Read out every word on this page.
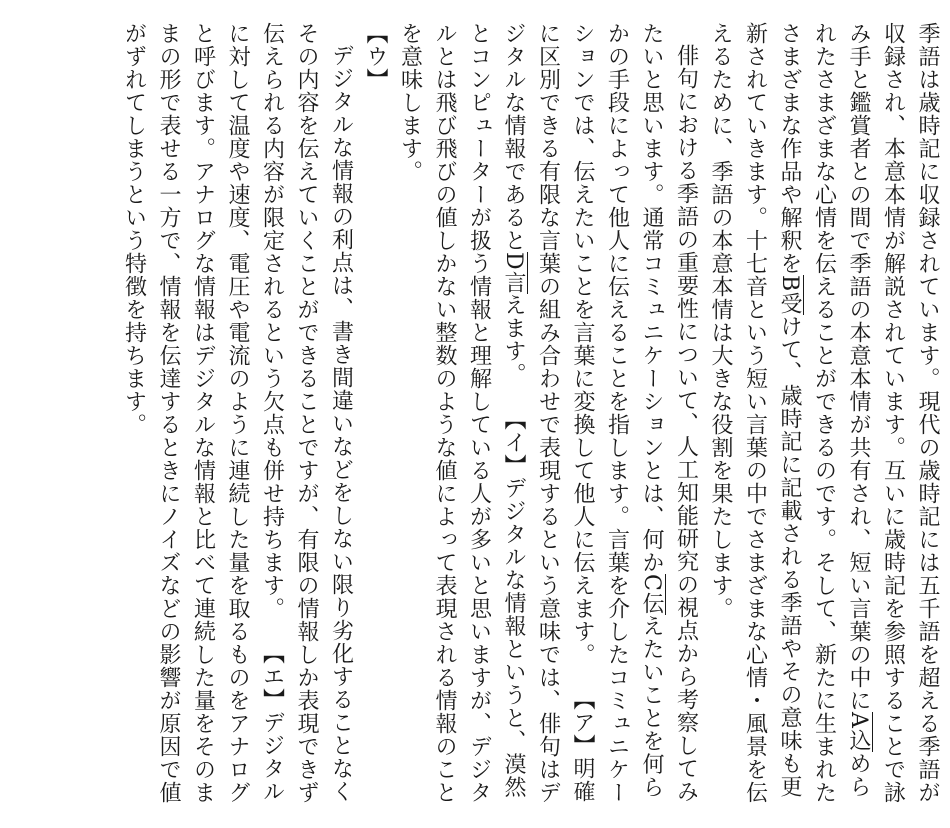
季語は歳時記に収録されています。現代の歳時記には五千語を超える季語が収録され、本意本情が解説されています。互いに歳時記を参照することで詠み手と鑑賞者との間で季語の本意本情が共有され、短い言葉の中にA込められたさまざまな心情を伝えることができるのです。そして、新たに生まれたさまざまな作品や解釈をB受けて、歳時記に記載される季語やその意味も更新されていきます。十七音という短い言葉の中でさまざまな心情・風景を伝えるために、季語の本意本情は大きな役割を果たします。

俳句における季語の重要性について、人工知能研究の視点から考察してみたいと思います。通常コミュニケーションとは、何かC伝えたいことを何らかの手段によって他人に伝えることを指します。言葉を介したコミュニケーションでは、伝えたいことを言葉に変換して他人に伝えます。【ア】明確に区別できる有限な言葉の組み合わせで表現するという意味では、俳句はデジタルな情報であるとD言えます。【イ】デジタルな情報というと、漠然とコンピューターが扱う情報と理解している人が多いと思いますが、デジタルとは飛び飛びの値しかない整数のような値によって表現される情報のことを意味します。

【ウ】

デジタルな情報の利点は、書き間違いなどをしない限り劣化することなくその内容を伝えていくことができることですが、有限の情報しか表現できず伝えられる内容が限定されるという欠点も併せ持ちます。【エ】デジタルに対して温度や速度、電圧や電流のように連続した量を取るものをアナログと呼びます。アナログな情報はデジタルな情報と比べて連続した量をそのままの形で表せる一方で、情報を伝達するときにノイズなどの影響が原因で値がずれてしまうという特徴を持ちます。
